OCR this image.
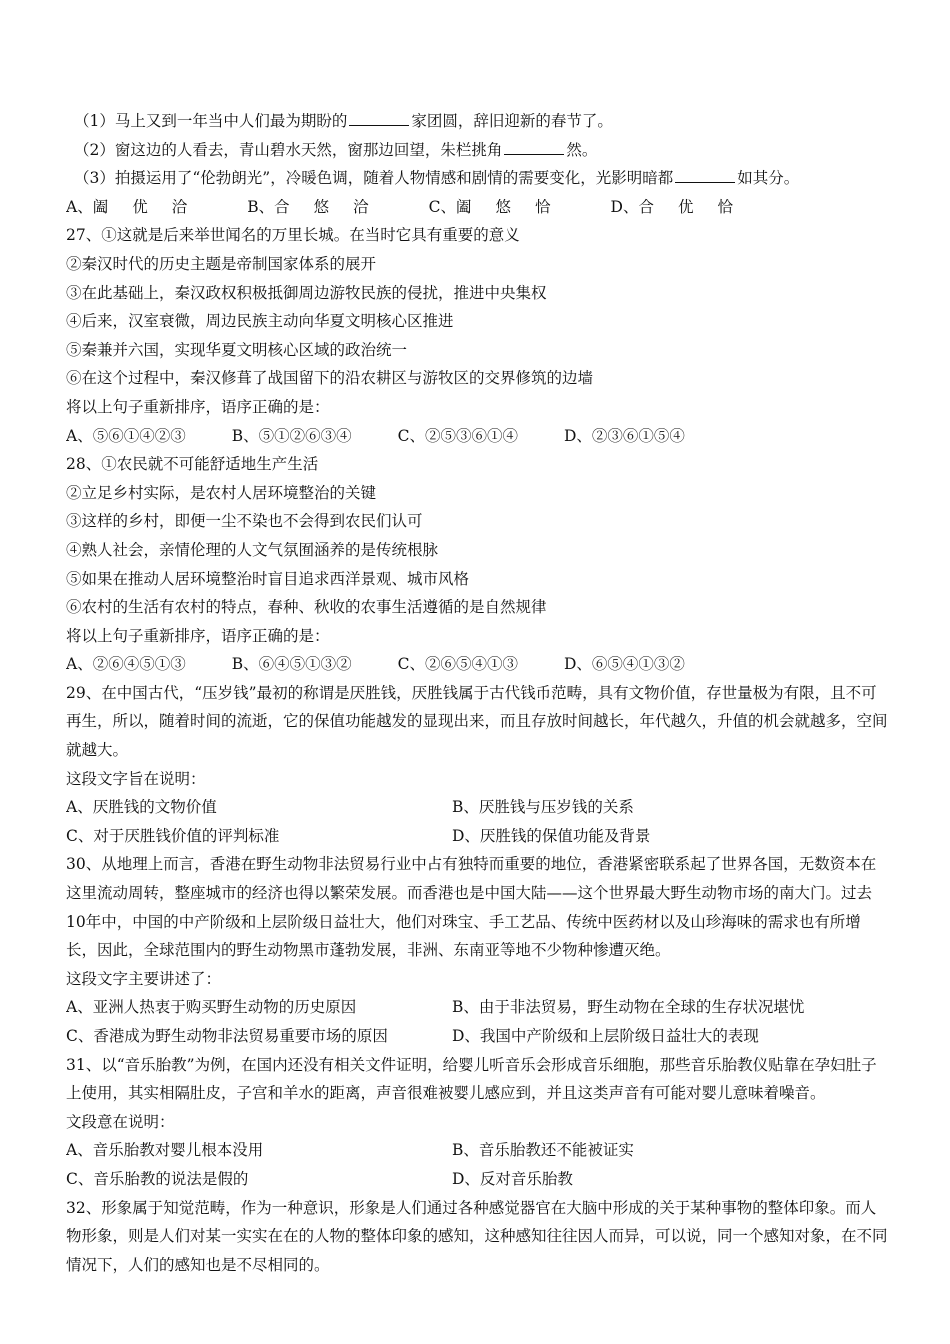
（1）马上又到一年当中人们最为期盼的	家团圆，辞旧迎新的春节了。
（2）窗这边的人看去，青山碧水天然，窗那边回望，朱栏挑角	然。
（3）拍摄运用了“伦勃朗光”，冷暖色调，随着人物情感和剧情的需要变化，光影明暗都	如其分。
A、阖优洽 B、合悠洽 C、阖悠恰 D、合优恰
27、①这就是后来举世闻名的万里长城。在当时它具有重要的意义
②秦汉时代的历史主题是帝制国家体系的展开
③在此基础上，秦汉政权积极抵御周边游牧民族的侵扰，推进中央集权
④后来，汉室衰微，周边民族主动向华夏文明核心区推进
⑤秦兼并六国，实现华夏文明核心区域的政治统一
⑥在这个过程中，秦汉修葺了战国留下的沿农耕区与游牧区的交界修筑的边墙
将以上句子重新排序，语序正确的是：
A、⑤⑥①④②③	B、⑤①②⑥③④	C、②⑤③⑥①④	D、②③⑥①⑤④
28、①农民就不可能舒适地生产生活
②立足乡村实际，是农村人居环境整治的关键
③这样的乡村，即便一尘不染也不会得到农民们认可
④熟人社会，亲情伦理的人文气氛囿涵养的是传统根脉
⑤如果在推动人居环境整治时盲目追求西洋景观、城市风格
⑥农村的生活有农村的特点，春种、秋收的农事生活遵循的是自然规律
将以上句子重新排序，语序正确的是：
A、②⑥④⑤①③	B、⑥④⑤①③②	C、②⑥⑤④①③	D、⑥⑤④①③②
29、在中国古代，“压岁钱”最初的称谓是厌胜钱，厌胜钱属于古代钱币范畴，具有文物价值，存世量极为有限，且不可再生，所以，随着时间的流逝，它的保值功能越发的显现出来，而且存放时间越长，年代越久，升值的机会就越多，空间就越大。
这段文字旨在说明：
A、厌胜钱的文物价值	B、厌胜钱与压岁钱的关系
C、对于厌胜钱价值的评判标准	D、厌胜钱的保值功能及背景
30、从地理上而言，香港在野生动物非法贸易行业中占有独特而重要的地位，香港紧密联系起了世界各国，无数资本在这里流动周转，整座城市的经济也得以繁荣发展。而香港也是中国大陆——这个世界最大野生动物市场的南大门。过去10年中，中国的中产阶级和上层阶级日益壮大，他们对珠宝、手工艺品、传统中医药材以及山珍海味的需求也有所增长，因此，全球范围内的野生动物黑市蓬勃发展，非洲、东南亚等地不少物种惨遭灭绝。
这段文字主要讲述了：
A、亚洲人热衷于购买野生动物的历史原因	B、由于非法贸易，野生动物在全球的生存状况堪忧
C、香港成为野生动物非法贸易重要市场的原因	D、我国中产阶级和上层阶级日益壮大的表现
31、以“音乐胎教”为例，在国内还没有相关文件证明，给婴儿听音乐会形成音乐细胞，那些音乐胎教仪贴靠在孕妇肚子上使用，其实相隔肚皮，子宫和羊水的距离，声音很难被婴儿感应到，并且这类声音有可能对婴儿意味着噪音。
文段意在说明：
A、音乐胎教对婴儿根本没用	B、音乐胎教还不能被证实
C、音乐胎教的说法是假的	D、反对音乐胎教
32、形象属于知觉范畴，作为一种意识，形象是人们通过各种感觉器官在大脑中形成的关于某种事物的整体印象。而人物形象，则是人们对某一实实在在的人物的整体印象的感知，这种感知往往因人而异，可以说，同一个感知对象，在不同情况下，人们的感知也是不尽相同的。
